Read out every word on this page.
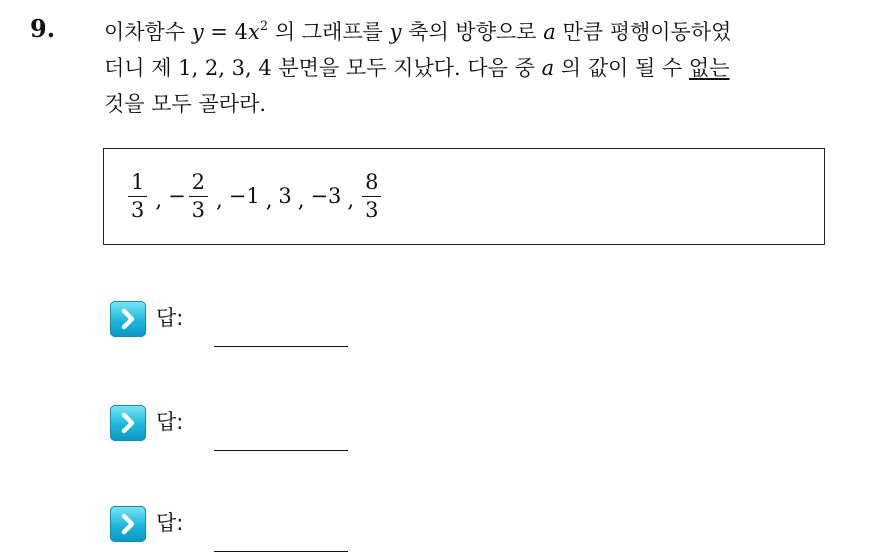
9. 이차함수 $y = 4x^2$ 의 그래프를 y 축의 방향으로 a 만큼 평행이동하였
더니 제 1, 2, 3, 4 분면을 모두 지났다. 다음 중 a 의 값이 될 수 없는
것을 모두 골라라.
$\frac{1}{3}$ , − $\frac{2}{3}$ , −1 , 3 , −3 , $\frac{8}{3}$
답:
답:
답:
